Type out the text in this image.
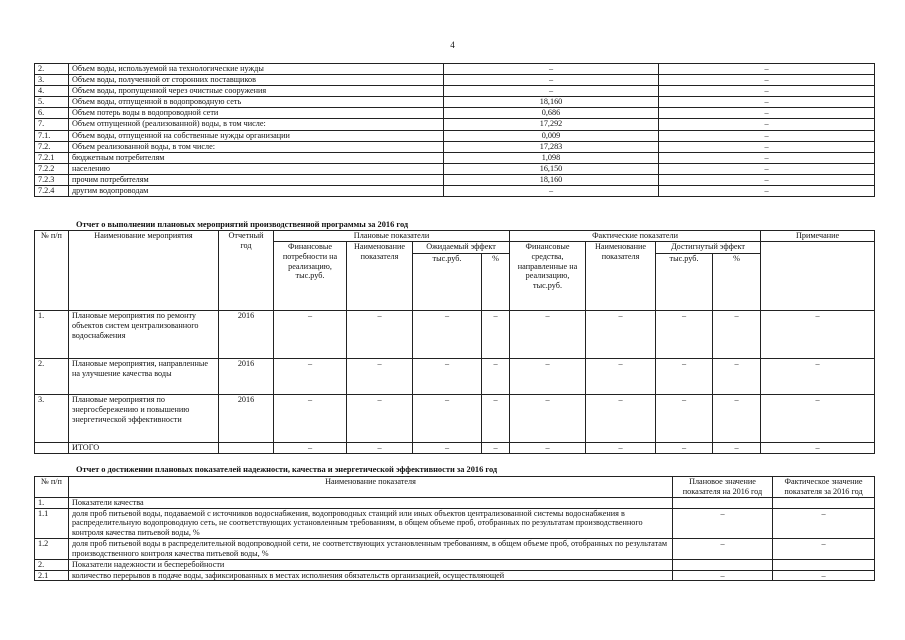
4
2.	Объем воды, используемой на технологические нужды	–	–
3.	Объем воды, полученной от сторонних поставщиков	–	–
4.	Объем воды, пропущенной через очистные сооружения	–	–
5.	Объем воды, отпущенной в водопроводную сеть	18,160	–
6.	Объем потерь воды в водопроводной сети	0,686	–
7.	Объем отпущенной (реализованной) воды, в том числе:	17,292	–
7.1.	Объем воды, отпущенной на собственные нужды организации	0,009	–
7.2.	Объем реализованной воды, в том числе:	17,283	–
7.2.1	бюджетным потребителям	1,098	–
7.2.2	населению	16,150	–
7.2.3	прочим потребителям	18,160	–
7.2.4	другим водопроводам	–	–
Отчет о выполнении плановых мероприятий производственной программы за 2016 год
№ п/п	Наименование мероприятия	Отчетный год	Плановые показатели				Фактические показатели				Примечание
			Финансовые потребности на реализацию, тыс.руб.	Наименование показателя	Ожидаемый эффект		Финансовые средства, направленные на реализацию, тыс.руб.	Наименование показателя	Достигнутый эффект		
					тыс.руб.	%			тыс.руб.	%	
1.	Плановые мероприятия по ремонту объектов систем централизованного водоснабжения	2016	–	–	–	–	–	–	–	–	–
2.	Плановые мероприятия, направленные на улучшение качества воды	2016	–	–	–	–	–	–	–	–	–
3.	Плановые мероприятия по энергосбережению и повышению энергетической эффективности	2016	–	–	–	–	–	–	–	–	–
	ИТОГО		–	–	–	–	–	–	–	–	–
Отчет о достижении плановых показателей надежности, качества и энергетической эффективности за 2016 год
№ п/п	Наименование показателя	Плановое значение показателя на 2016 год	Фактическое значение показателя за 2016 год
1.	Показатели качества		
1.1	доля проб питьевой воды, подаваемой с источников водоснабжения, водопроводных станций или иных объектов централизованной системы водоснабжения в распределительную водопроводную сеть, не соответствующих установленным требованиям, в общем объеме проб, отобранных по результатам производственного контроля качества питьевой воды, %	–	–
1.2	доля проб питьевой воды в распределительной водопроводной сети, не соответствующих установленным требованиям, в общем объеме проб, отобранных по результатам производственного контроля качества питьевой воды, %	–	–
2.	Показатели надежности и бесперебойности		
2.1	количество перерывов в подаче воды, зафиксированных в местах исполнения обязательств организацией, осуществляющей	–	–
